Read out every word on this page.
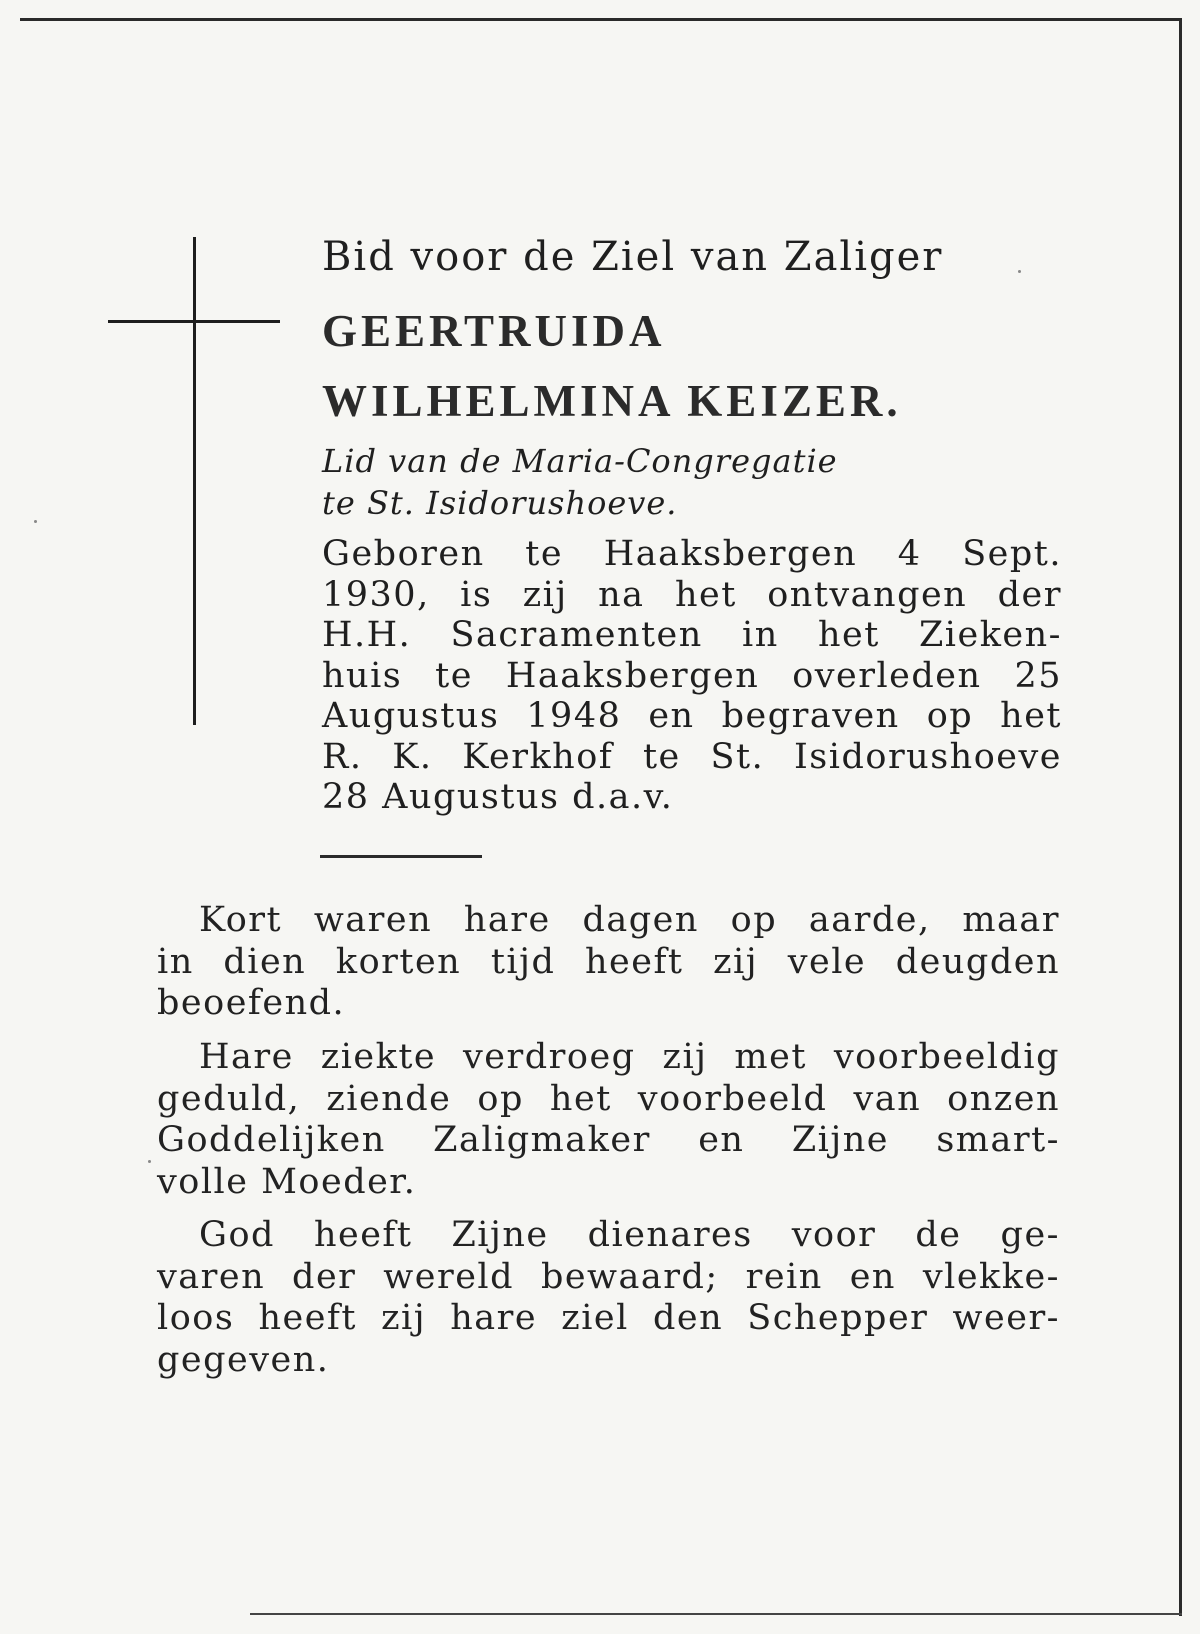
Bid voor de Ziel van Zaliger
GEERTRUIDA
WILHELMINA KEIZER.
Lid van de Maria-Congregatie
te St. Isidorushoeve.

Geboren te Haaksbergen 4 Sept.

1930, is zij na het ontvangen der

H.H. Sacramenten in het Zieken-

huis te Haaksbergen overleden 25

Augustus 1948 en begraven op het

R. K. Kerkhof te St. Isidorushoeve

28 Augustus d.a.v.

Kort waren hare dagen op aarde, maar

in dien korten tijd heeft zij vele deugden

beoefend.

Hare ziekte verdroeg zij met voorbeeldig

geduld, ziende op het voorbeeld van onzen

Goddelijken Zaligmaker en Zijne smart-

volle Moeder.

God heeft Zijne dienares voor de ge-

varen der wereld bewaard; rein en vlekke-

loos heeft zij hare ziel den Schepper weer-

gegeven.
